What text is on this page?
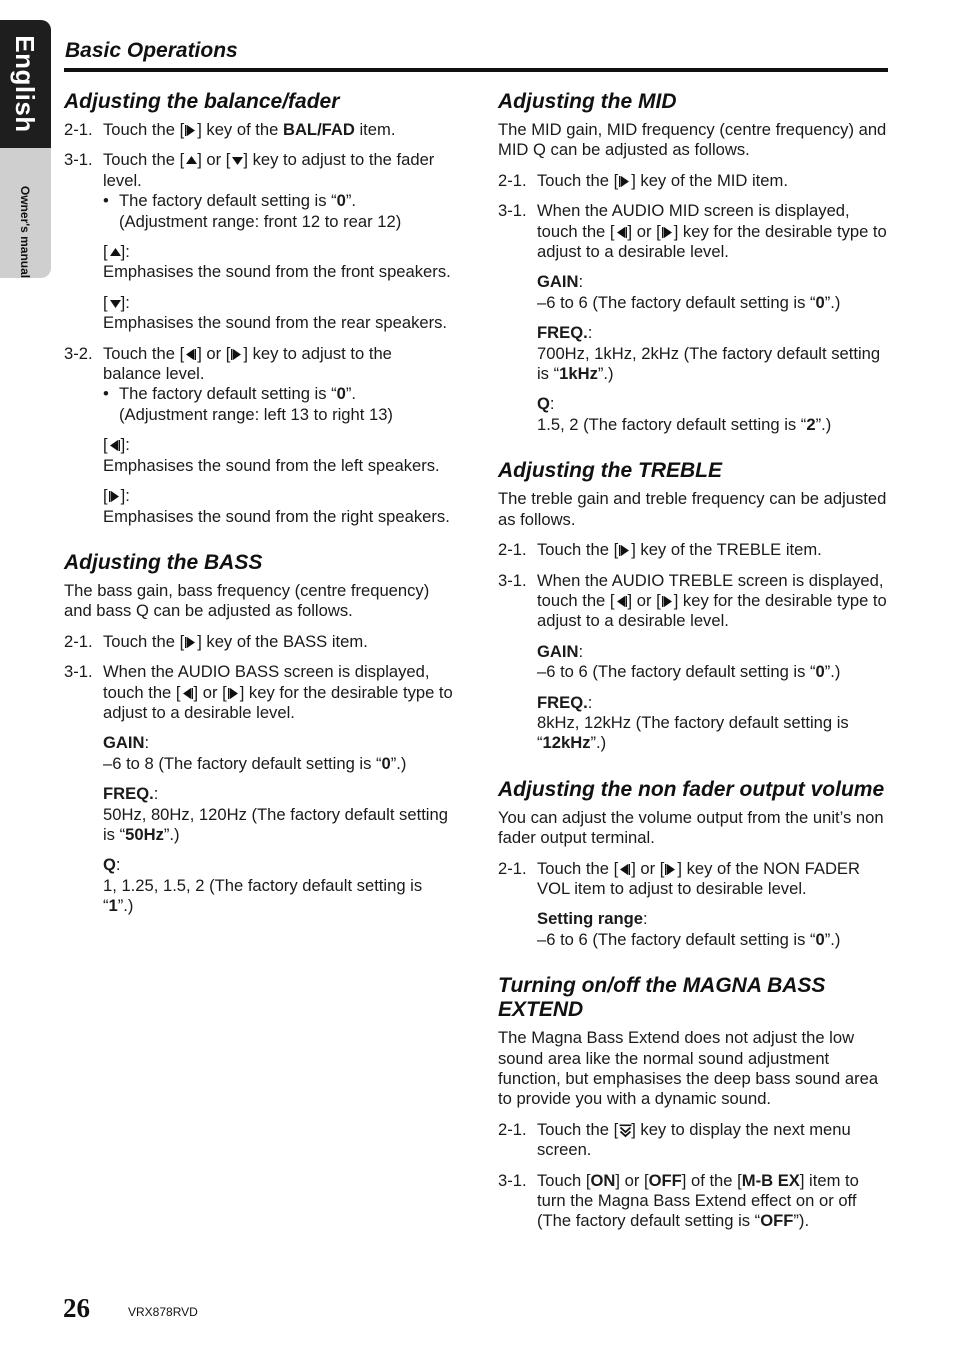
English
Owner's manual
Basic Operations
Adjusting the balance/fader
2-1. Touch the [ ] key of the BAL/FAD item.
3-1. Touch the [ ] or [ ] key to adjust to the fader level.
• The factory default setting is “0”.
(Adjustment range: front 12 to rear 12)
[ ]:
Emphasises the sound from the front speakers.
[ ]:
Emphasises the sound from the rear speakers.
3-2. Touch the [ ] or [ ] key to adjust to the balance level.
• The factory default setting is “0”.
(Adjustment range: left 13 to right 13)
[ ]:
Emphasises the sound from the left speakers.
[ ]:
Emphasises the sound from the right speakers.
Adjusting the BASS

The bass gain, bass frequency (centre frequency) and bass Q can be adjusted as follows.

2-1. Touch the [ ] key of the BASS item.
3-1. When the AUDIO BASS screen is displayed, touch the [ ] or [ ] key for the desirable type to adjust to a desirable level.
GAIN:
–6 to 8 (The factory default setting is “0”.)
FREQ.:
50Hz, 80Hz, 120Hz (The factory default setting is “50Hz”.)
Q:
1, 1.25, 1.5, 2 (The factory default setting is “1”.)
Adjusting the MID

The MID gain, MID frequency (centre frequency) and MID Q can be adjusted as follows.

2-1. Touch the [ ] key of the MID item.
3-1. When the AUDIO MID screen is displayed, touch the [ ] or [ ] key for the desirable type to adjust to a desirable level.
GAIN:
–6 to 6 (The factory default setting is “0”.)
FREQ.:
700Hz, 1kHz, 2kHz (The factory default setting is “1kHz”.)
Q:
1.5, 2 (The factory default setting is “2”.)
Adjusting the TREBLE

The treble gain and treble frequency can be adjusted as follows.

2-1. Touch the [ ] key of the TREBLE item.
3-1. When the AUDIO TREBLE screen is displayed, touch the [ ] or [ ] key for the desirable type to adjust to a desirable level.
GAIN:
–6 to 6 (The factory default setting is “0”.)
FREQ.:
8kHz, 12kHz (The factory default setting is “12kHz”.)
Adjusting the non fader output volume

You can adjust the volume output from the unit’s non fader output terminal.

2-1. Touch the [ ] or [ ] key of the NON FADER VOL item to adjust to desirable level.
Setting range:
–6 to 6 (The factory default setting is “0”.)
Turning on/off the MAGNA BASS EXTEND

The Magna Bass Extend does not adjust the low sound area like the normal sound adjustment function, but emphasises the deep bass sound area to provide you with a dynamic sound.

2-1. Touch the [ ] key to display the next menu screen.
3-1. Touch [ON] or [OFF] of the [M-B EX] item to turn the Magna Bass Extend effect on or off (The factory default setting is “OFF”).
26	VRX878RVD
